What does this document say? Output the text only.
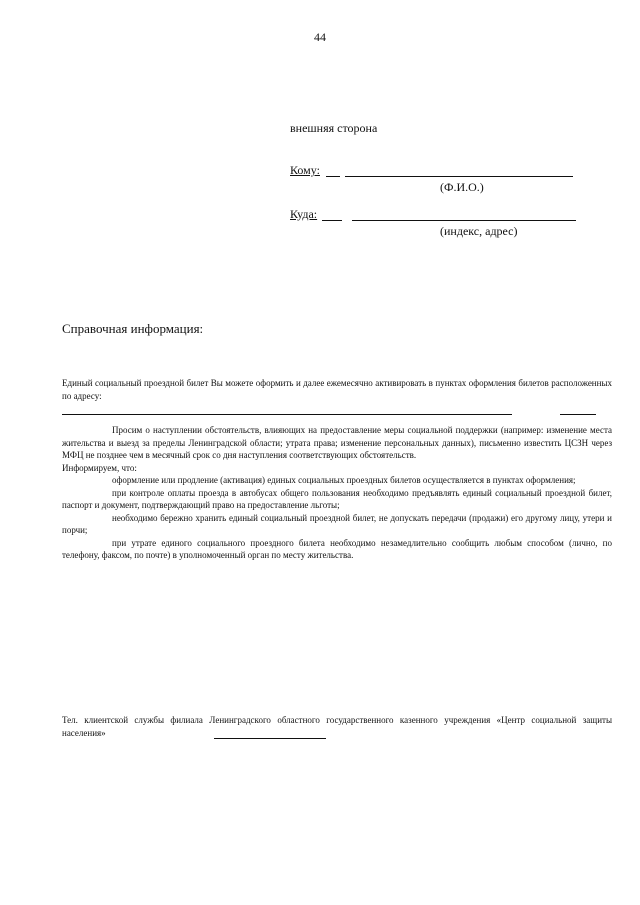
44
внешняя сторона
Кому:
(Ф.И.О.)
Куда:
(индекс, адрес)
Справочная информация:
Единый социальный проездной билет Вы можете оформить и далее ежемесячно активировать в пунктах оформления билетов расположенных по адресу:

Просим о наступлении обстоятельств, влияющих на предоставление меры социальной поддержки (например: изменение места жительства и выезд за пределы Ленинградской области; утрата права; изменение персональных данных), письменно известить ЦСЗН через МФЦ не позднее чем в месячный срок со дня наступления соответствующих обстоятельств.

Информируем, что:

оформление или продление (активация) единых социальных проездных билетов осуществляется в пунктах оформления;

при контроле оплаты проезда в автобусах общего пользования необходимо предъявлять единый социальный проездной билет, паспорт и документ, подтверждающий право на предоставление льготы;

необходимо бережно хранить единый социальный проездной билет, не допускать передачи (продажи) его другому лицу, утери и порчи;

при утрате единого социального проездного билета необходимо незамедлительно сообщить любым способом (лично, по телефону, факсом, по почте) в уполномоченный орган по месту жительства.

Тел. клиентской службы филиала Ленинградского областного государственного казенного учреждения «Центр социальной защиты населения»
